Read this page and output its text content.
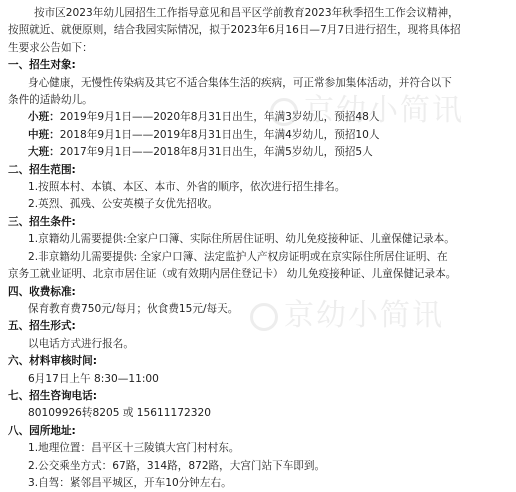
按市区2023年幼儿园招生工作指导意见和昌平区学前教育2023年秋季招生工作会议精神，
按照就近、就便原则，结合我园实际情况，拟于2023年6月16日—7月7日进行招生，现将具体招
生要求公告如下：
一、招生对象:
身心健康，无慢性传染病及其它不适合集体生活的疾病，可正常参加集体活动，并符合以下
条件的适龄幼儿。
小班：2019年9月1日——2020年8月31日出生，年满3岁幼儿，预招48人
中班：2018年9月1日——2019年8月31日出生，年满4岁幼儿，预招10人
大班：2017年9月1日——2018年8月31日出生，年满5岁幼儿，预招5人
二、招生范围:
1.按照本村、本镇、本区、本市、外省的顺序，依次进行招生排名。
2.英烈、孤残、公安英模子女优先招收。
三、招生条件:
1.京籍幼儿需要提供:全家户口簿、实际住所居住证明、幼儿免疫接种证、儿童保健记录本。
2.非京籍幼儿需要提供: 全家户口簿、法定监护人产权房证明或在京实际住所居住证明、在
京务工就业证明、北京市居住证（或有效期内居住登记卡） 幼儿免疫接种证、儿童保健记录本。
四、收费标准:
保育教育费750元/每月；伙食费15元/每天。
五、招生形式:
以电话方式进行报名。
六、材料审核时间:
6月17日上午 8:30—11:00
七、招生咨询电话:
80109926转8205 或 15611172320
八、园所地址:
1.地理位置：昌平区十三陵镇大宫门村村东。
2.公交乘坐方式：67路，314路，872路，大宫门站下车即到。
3.自驾：紧邻昌平城区，开车10分钟左右。
京幼小简讯
京幼小简讯
